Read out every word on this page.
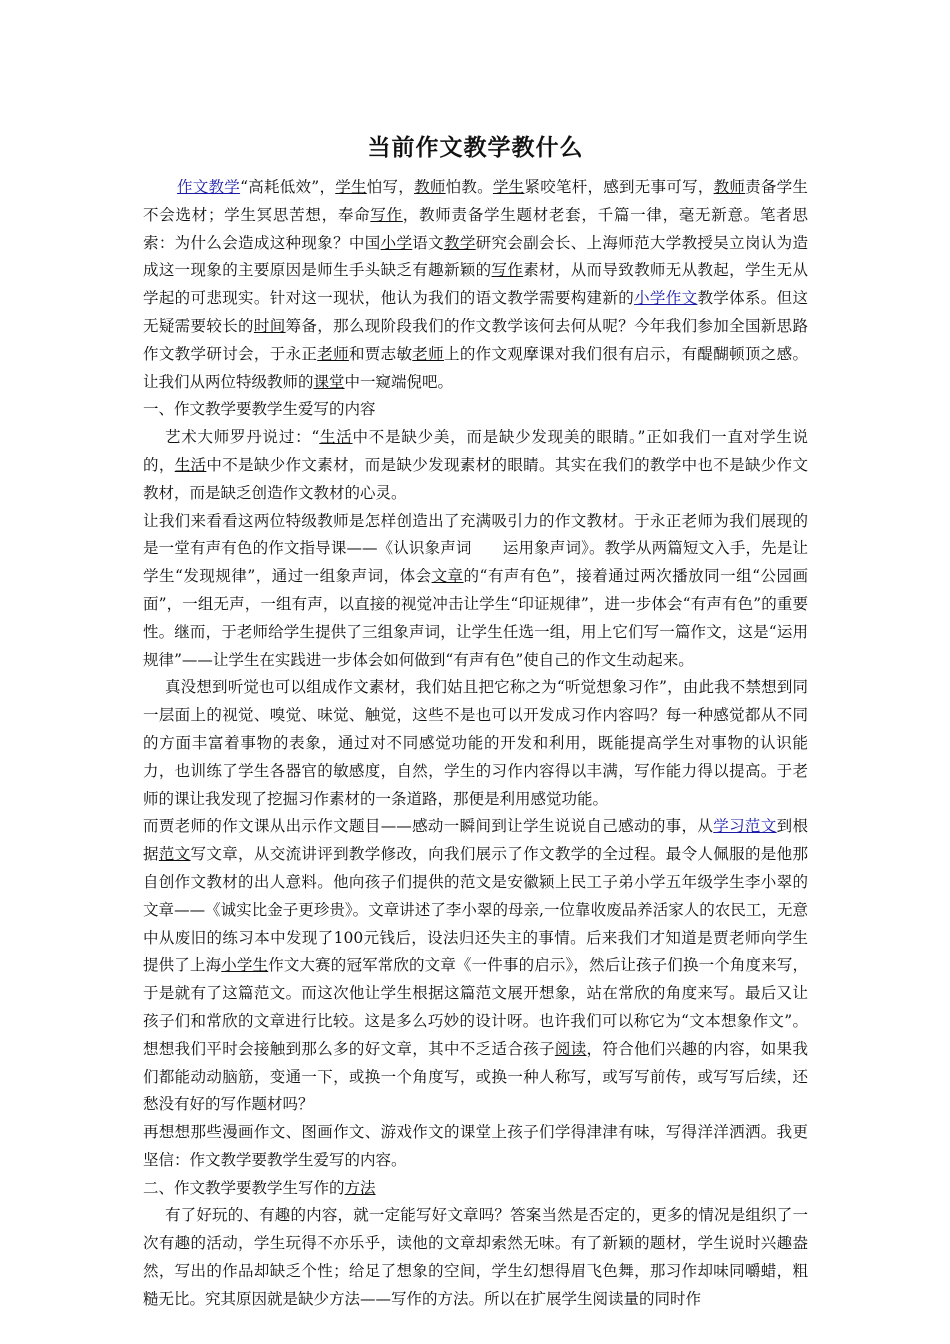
当前作文教学教什么

作文教学“高耗低效”，学生怕写，教师怕教。学生紧咬笔杆，感到无事可写，教师责备学生不会选材；学生冥思苦想，奉命写作，教师责备学生题材老套，千篇一律，毫无新意。笔者思索：为什么会造成这种现象？中国小学语文教学研究会副会长、上海师范大学教授吴立岗认为造成这一现象的主要原因是师生手头缺乏有趣新颖的写作素材，从而导致教师无从教起，学生无从学起的可悲现实。针对这一现状，他认为我们的语文教学需要构建新的小学作文教学体系。但这无疑需要较长的时间筹备，那么现阶段我们的作文教学该何去何从呢？今年我们参加全国新思路作文教学研讨会，于永正老师和贾志敏老师上的作文观摩课对我们很有启示，有醍醐顿顶之感。让我们从两位特级教师的课堂中一窥端倪吧。

一、作文教学要教学生爱写的内容

艺术大师罗丹说过：“生活中不是缺少美，而是缺少发现美的眼睛。”正如我们一直对学生说的，生活中不是缺少作文素材，而是缺少发现素材的眼睛。其实在我们的教学中也不是缺少作文教材，而是缺乏创造作文教材的心灵。

让我们来看看这两位特级教师是怎样创造出了充满吸引力的作文教材。于永正老师为我们展现的是一堂有声有色的作文指导课——《认识象声词　　运用象声词》。教学从两篇短文入手，先是让学生“发现规律”，通过一组象声词，体会文章的“有声有色”，接着通过两次播放同一组“公园画面”，一组无声，一组有声，以直接的视觉冲击让学生“印证规律”，进一步体会“有声有色”的重要性。继而，于老师给学生提供了三组象声词，让学生任选一组，用上它们写一篇作文，这是“运用规律”——让学生在实践进一步体会如何做到“有声有色”使自己的作文生动起来。

真没想到听觉也可以组成作文素材，我们姑且把它称之为“听觉想象习作”，由此我不禁想到同一层面上的视觉、嗅觉、味觉、触觉，这些不是也可以开发成习作内容吗？每一种感觉都从不同的方面丰富着事物的表象，通过对不同感觉功能的开发和利用，既能提高学生对事物的认识能力，也训练了学生各器官的敏感度，自然，学生的习作内容得以丰满，写作能力得以提高。于老师的课让我发现了挖掘习作素材的一条道路，那便是利用感觉功能。

而贾老师的作文课从出示作文题目——感动一瞬间到让学生说说自己感动的事，从学习范文到根据范文写文章，从交流讲评到教学修改，向我们展示了作文教学的全过程。最令人佩服的是他那自创作文教材的出人意料。他向孩子们提供的范文是安徽颍上民工子弟小学五年级学生李小翠的文章——《诚实比金子更珍贵》。文章讲述了李小翠的母亲,一位靠收废品养活家人的农民工，无意中从废旧的练习本中发现了100元钱后，设法归还失主的事情。后来我们才知道是贾老师向学生提供了上海小学生作文大赛的冠军常欣的文章《一件事的启示》，然后让孩子们换一个角度来写，于是就有了这篇范文。而这次他让学生根据这篇范文展开想象，站在常欣的角度来写。最后又让孩子们和常欣的文章进行比较。这是多么巧妙的设计呀。也许我们可以称它为“文本想象作文”。想想我们平时会接触到那么多的好文章，其中不乏适合孩子阅读，符合他们兴趣的内容，如果我们都能动动脑筋，变通一下，或换一个角度写，或换一种人称写，或写写前传，或写写后续，还愁没有好的写作题材吗？

再想想那些漫画作文、图画作文、游戏作文的课堂上孩子们学得津津有味，写得洋洋洒洒。我更坚信：作文教学要教学生爱写的内容。

二、作文教学要教学生写作的方法

有了好玩的、有趣的内容，就一定能写好文章吗？答案当然是否定的，更多的情况是组织了一次有趣的活动，学生玩得不亦乐乎，读他的文章却索然无味。有了新颖的题材，学生说时兴趣盎然，写出的作品却缺乏个性；给足了想象的空间，学生幻想得眉飞色舞，那习作却味同嚼蜡，粗糙无比。究其原因就是缺少方法——写作的方法。所以在扩展学生阅读量的同时作
